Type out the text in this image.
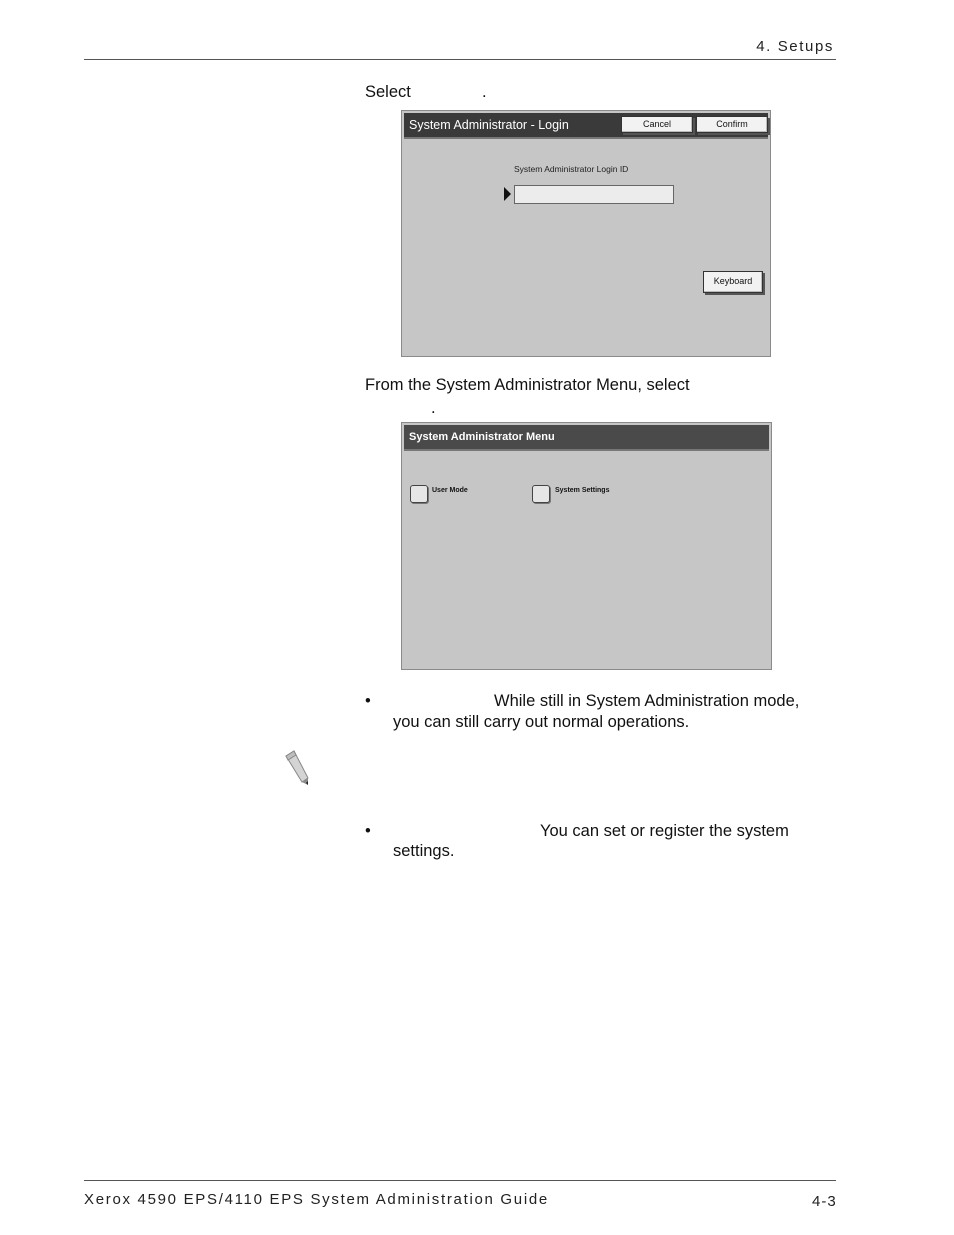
4. Setups
Select	.
System Administrator - Login	Cancel	Confirm
System Administrator Login ID
Keyboard
From the System Administrator Menu, select
.
System Administrator Menu
User Mode	System Settings
•	While still in System Administration mode,
you can still carry out normal operations.
•	You can set or register the system
settings.
Xerox 4590 EPS/4110 EPS System Administration Guide	4-3
